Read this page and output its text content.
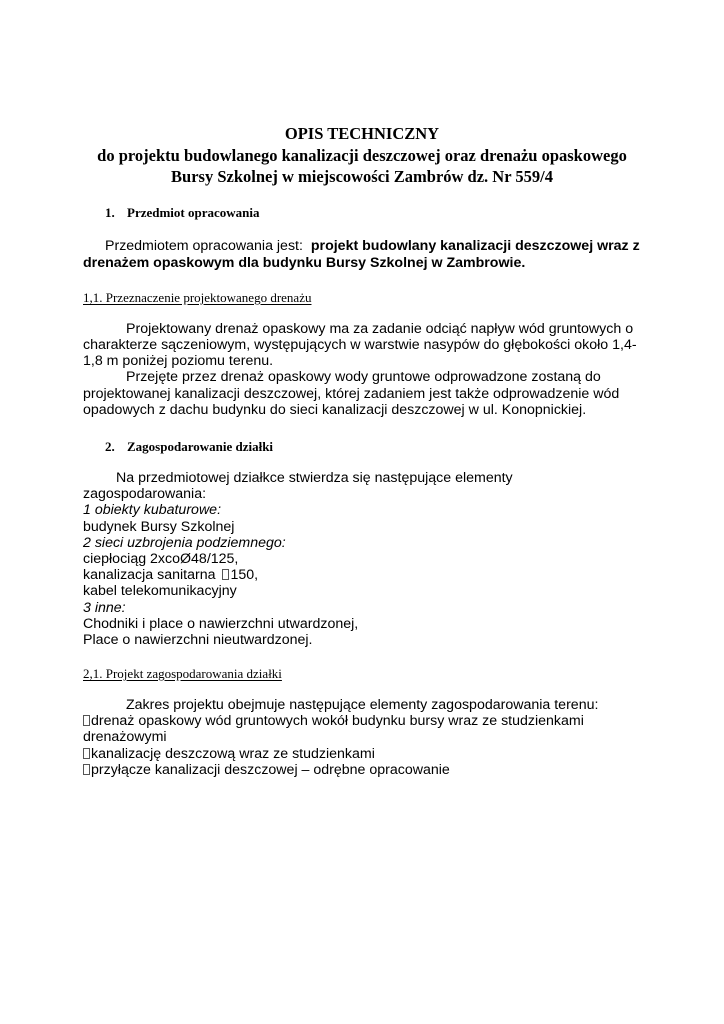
OPIS TECHNICZNY
do projektu budowlanego kanalizacji deszczowej oraz drenażu opaskowego
Bursy Szkolnej w miejscowości Zambrów dz. Nr 559/4
1. Przedmiot opracowania
Przedmiotem opracowania jest: projekt budowlany kanalizacji deszczowej wraz z
drenażem opaskowym dla budynku Bursy Szkolnej w Zambrowie.
1,1. Przeznaczenie projektowanego drenażu
Projektowany drenaż opaskowy ma za zadanie odciąć napływ wód gruntowych o
charakterze sączeniowym, występujących w warstwie nasypów do głębokości około 1,4-
1,8 m poniżej poziomu terenu.
Przejęte przez drenaż opaskowy wody gruntowe odprowadzone zostaną do
projektowanej kanalizacji deszczowej, której zadaniem jest także odprowadzenie wód
opadowych z dachu budynku do sieci kanalizacji deszczowej w ul. Konopnickiej.
2. Zagospodarowanie działki
Na przedmiotowej działkce stwierdza się następujące elementy
zagospodarowania:
1 obiekty kubaturowe:
budynek Bursy Szkolnej
2 sieci uzbrojenia podziemnego:
ciepłociąg 2xcoØ48/125,
kanalizacja sanitarna 150,
kabel telekomunikacyjny
3 inne:
Chodniki i place o nawierzchni utwardzonej,
Place o nawierzchni nieutwardzonej.
2,1. Projekt zagospodarowania działki
Zakres projektu obejmuje następujące elementy zagospodarowania terenu:
drenaż opaskowy wód gruntowych wokół budynku bursy wraz ze studzienkami
drenażowymi
kanalizację deszczową wraz ze studzienkami
przyłącze kanalizacji deszczowej – odrębne opracowanie
